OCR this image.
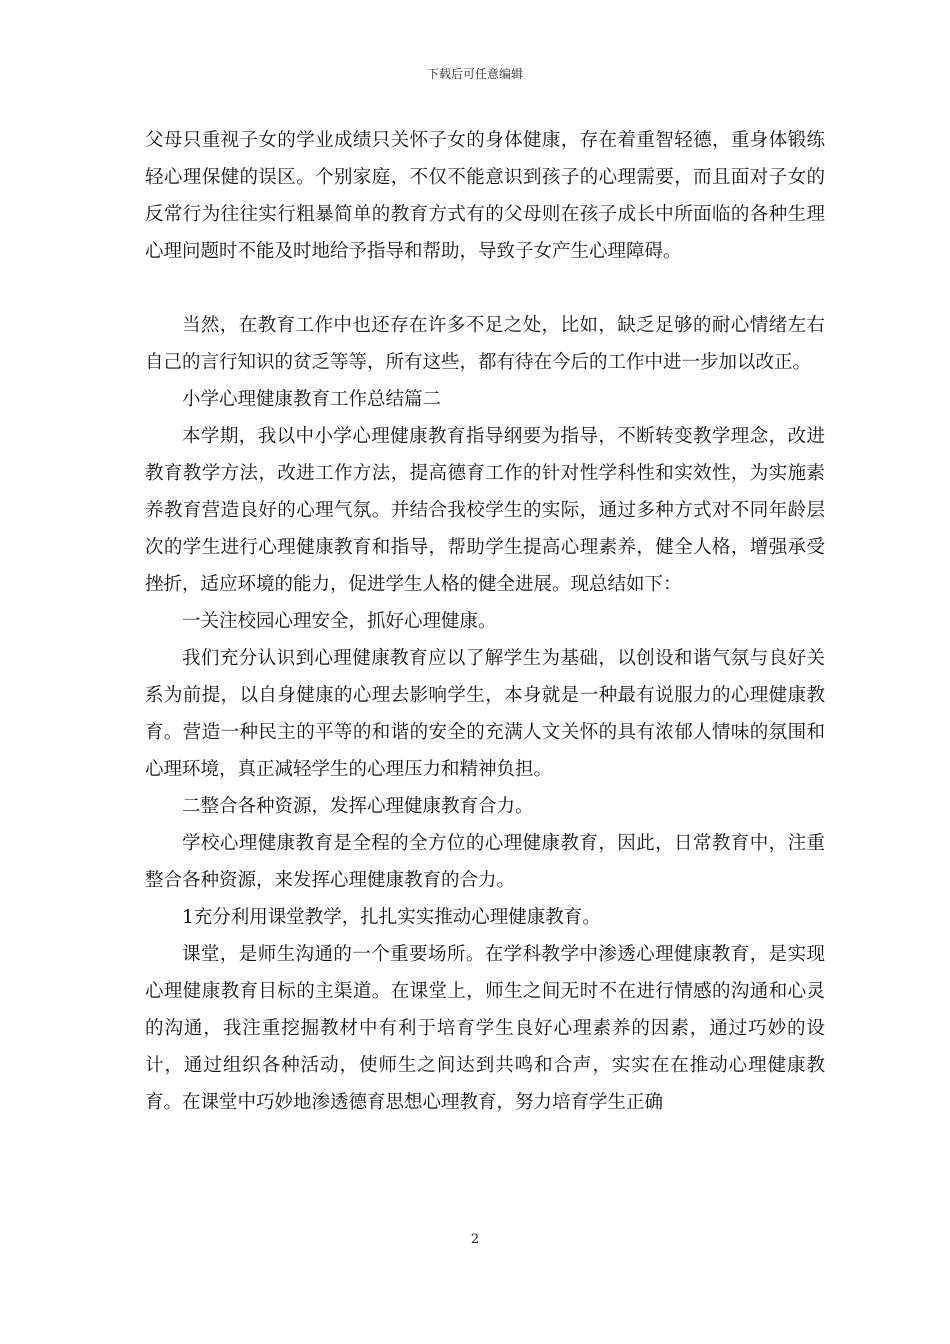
下载后可任意编辑

父母只重视子女的学业成绩只关怀子女的身体健康，存在着重智轻德，重身体锻练轻心理保健的误区。个别家庭，不仅不能意识到孩子的心理需要，而且面对子女的反常行为往往实行粗暴简单的教育方式有的父母则在孩子成长中所面临的各种生理心理问题时不能及时地给予指导和帮助，导致子女产生心理障碍。

当然，在教育工作中也还存在许多不足之处，比如，缺乏足够的耐心情绪左右自己的言行知识的贫乏等等，所有这些，都有待在今后的工作中进一步加以改正。

小学心理健康教育工作总结篇二

本学期，我以中小学心理健康教育指导纲要为指导，不断转变教学理念，改进教育教学方法，改进工作方法，提高德育工作的针对性学科性和实效性，为实施素养教育营造良好的心理气氛。并结合我校学生的实际，通过多种方式对不同年龄层次的学生进行心理健康教育和指导，帮助学生提高心理素养，健全人格，增强承受挫折，适应环境的能力，促进学生人格的健全进展。现总结如下：

一关注校园心理安全，抓好心理健康。

我们充分认识到心理健康教育应以了解学生为基础，以创设和谐气氛与良好关系为前提，以自身健康的心理去影响学生，本身就是一种最有说服力的心理健康教育。营造一种民主的平等的和谐的安全的充满人文关怀的具有浓郁人情味的氛围和心理环境，真正减轻学生的心理压力和精神负担。

二整合各种资源，发挥心理健康教育合力。

学校心理健康教育是全程的全方位的心理健康教育，因此，日常教育中，注重整合各种资源，来发挥心理健康教育的合力。

1充分利用课堂教学，扎扎实实推动心理健康教育。

课堂，是师生沟通的一个重要场所。在学科教学中渗透心理健康教育，是实现心理健康教育目标的主渠道。在课堂上，师生之间无时不在进行情感的沟通和心灵的沟通，我注重挖掘教材中有利于培育学生良好心理素养的因素，通过巧妙的设计，通过组织各种活动，使师生之间达到共鸣和合声，实实在在推动心理健康教育。在课堂中巧妙地渗透德育思想心理教育，努力培育学生正确

2
